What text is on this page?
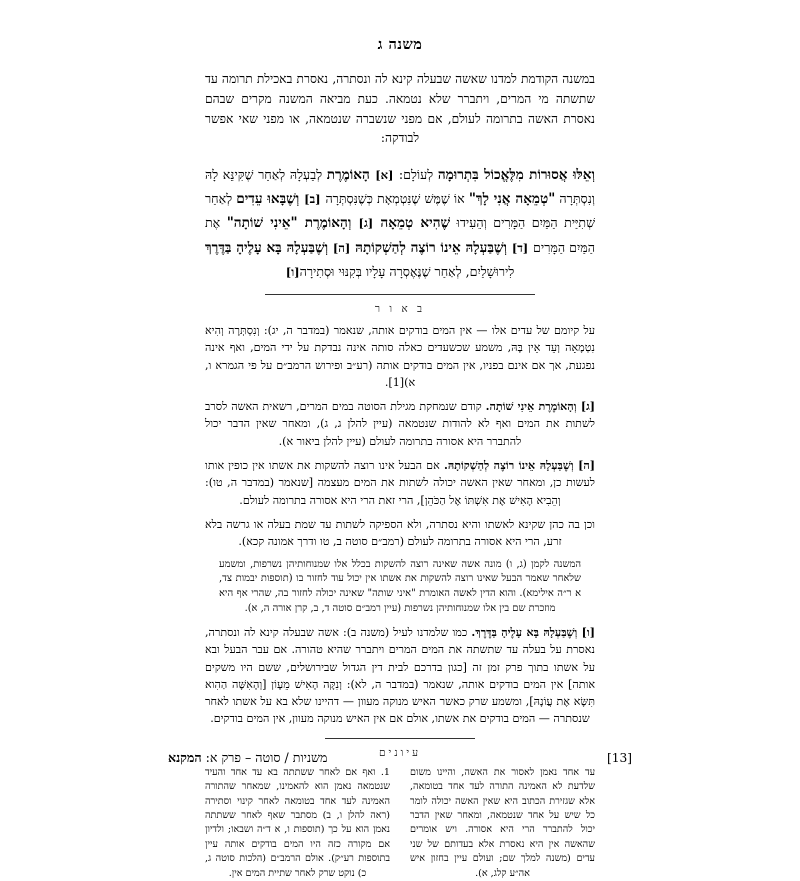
משנה ג

במשנה הקודמת למדנו שאשה שבעלה קינא לה ונסתרה, נאסרת באכילת תרומה עד שתשתה מי המרים, ויתברר שלא נטמאה. כעת מביאה המשנה מקרים שבהם נאסרת האשה בתרומה לעולם, אם מפני שנשברה שנטמאה, או מפני שאי אפשר לבודקה:

וְאֵלּוּ אֲסוּרוֹת מִלֶּאֱכוֹל בִּתְרוּמָה לְעוֹלָם: [א] הָאוֹמֶרֶת לְבַעְלָהּ לְאַחַר שֶׁקִּינֵּא לָהּ וְנִסְתְּרָה "טְמֵאָה אֲנִי לָךְ" אוֹ שֶׁמֶּשׁ שֶׁנִּטְמְאָת כְּשֶׁנִּסְתְּרָה [ב] וְשֶׁבָּאוּ עֵדִים לְאַחַר שְׁתִיַּית הַמַּיִם הַמָּרִים וְהֵעִידוּ שֶׁהִיא טְמֵאָה [ג] וְהָאוֹמֶרֶת "אֵינִי שׁוֹתָה" אֶת הַמַּיִם הַמָּרִים [ד] וְשֶׁבַּעְלָהּ אֵינוֹ רוֹצֶה לְהַשְׁקוֹתָהּ [ה] וְשֶׁבַּעְלָהּ בָּא עָלֶיהָ בַּדֶּרֶךְ לִירוּשָׁלַיִם, לְאַחַר שֶׁנֶּאֶסְרָה עָלָיו בְּקִנּוּי וּסְתִירָה[ו]
ב א ו ר

על קיומם של עדים אלו — אין המים בודקים אותה, שנאמר (במדבר ה, יג): וְנִסְתְּרָה וְהִיא נִטְמָאָה וְעֵד אֵין בָּהּ, משמע שכשעדים כאלה סותה אינה נבדקת על ידי המים, ואף אינה נפגעת, אך אם אינם בפניו, אין המים בודקים אותה (רע״ב ופירוש הרמב״ם על פי הגמרא ו, א)[1].

[ג] וְהָאוֹמֶרֶת אֵינִי שׁוֹתָה. קודם שנמחקת מגילת הסוטה במים המרים, רשאית האשה לסרב לשתות את המים ואף לא להודות שנטמאה (עיין להלן ג, ג), ומאחר שאין הדבר יכול להתברר היא אסורה בתרומה לעולם (עיין להלן ביאור א).

[ה] וְשֶׁבַּעְלָהּ אֵינוֹ רוֹצֶה לְהַשְׁקוֹתָהּ. אם הבעל אינו רוצה להשקות את אשתו אין כופין אותו לעשות כן, ומאחר שאין האשה יכולה לשתות את המים מעצמה [שנאמר (במדבר ה, טו): וְהֵבִיא הָאִישׁ אֶת אִשְׁתּוֹ אֶל הַכֹּהֵן], הרי זאת הרי היא אסורה בתרומה לעולם.

וכן בה כהן שקינא לאשתו והיא נסתרה, ולא הספיקה לשתות עד שמת בעלה או גרשה בלא זרע, הרי היא אסורה בתרומה לעולם (רמב״ם סוטה ב, טו ודרך אמונה קכא).

המשנה לקמן (ג, ו) מונה אשה שאינה רוצה להשקות בכלל אלו שמנוחותיהן נשרפות, ומשמע שלאחר שאמר הבעל שאינו רוצה להשקות את אשתו אין יכול עוד לחזור בו (תוספות יבמות צד, א ר״ה אילימא). והוא הדין לאשה האומרת "איני שותה" שאינה יכולה לחזור בה, שהרי אף היא מוזכרת שם בין אלו שמנוחותיהן נשרפות (עיין רמב״ם סוטה ד, ב, קרן אורה ה, א).

[ו] וְשֶׁבַּעְלָהּ בָּא עָלֶיהָ בַּדֶּרֶךְ. כמו שלמדנו לעיל (משנה ב): אשה שבעלה קינא לה ונסתרה, נאסרת על בעלה עד שתשתה את המים המרים ויתברר שהיא טהורה. אם עבר הבעל ובא על אשתו בתוך פרק זמן זה [כגון בדרכם לבית דין הגדול שבירושלים, ששם היו משקים אותה] אין המים בודקים אותה, שנאמר (במדבר ה, לא): וְנִקָּה הָאִישׁ מֵעָוֹן [וְהָאִשָּׁה הַהִוא תִּשָּׂא אֶת עֲוֹנָהּ], ומשמע שרק כאשר האיש מנוקה מעוון — דהיינו שלא בא על אשתו לאחר שנסתרה — המים בודקים את אשתו, אולם אם אין האיש מנוקה מעוון, אין המים בודקים.

עיונים

עד אחד נאמן לאסור את האשה, והיינו משום שלדעת לא האמינה התורה לעד אחד בטומאה, אלא שגזירת הכתוב היא שאין האשה יכולה לומר כל שיש על אחד שנטמאה, ומאחר שאין הדבר יכול להתברר הרי היא אסורה. ויש אומרים שהאשה אין היא נאסרת אלא בעדותם של שני עדים (משנה למלך שם; ועולם עיין בחזון איש אה״ע קלג, א).

1. ואף אם לאחר ששתתה בא עד אחד והעיד שנטמאה נאמן הוא להאמינו, שמאחר שהתורה האמינה לעד אחד בטומאה לאחר קינוי וסתירה (ראה להלן ו, ב) מסתבר שאף לאחר ששתתה נאמן הוא על כך (תוספות ו, א ד״ה ושבאו; ולדיון אם מקורה כזה היו המים בודקים אותה עיין בתוספות רע״ק). אולם הרמב״ם (הלכות סוטה ג, כ) נוקט שרק לאחר שתיית המים אין.

[13]
משניות / סוטה – פרק א: המקנא
